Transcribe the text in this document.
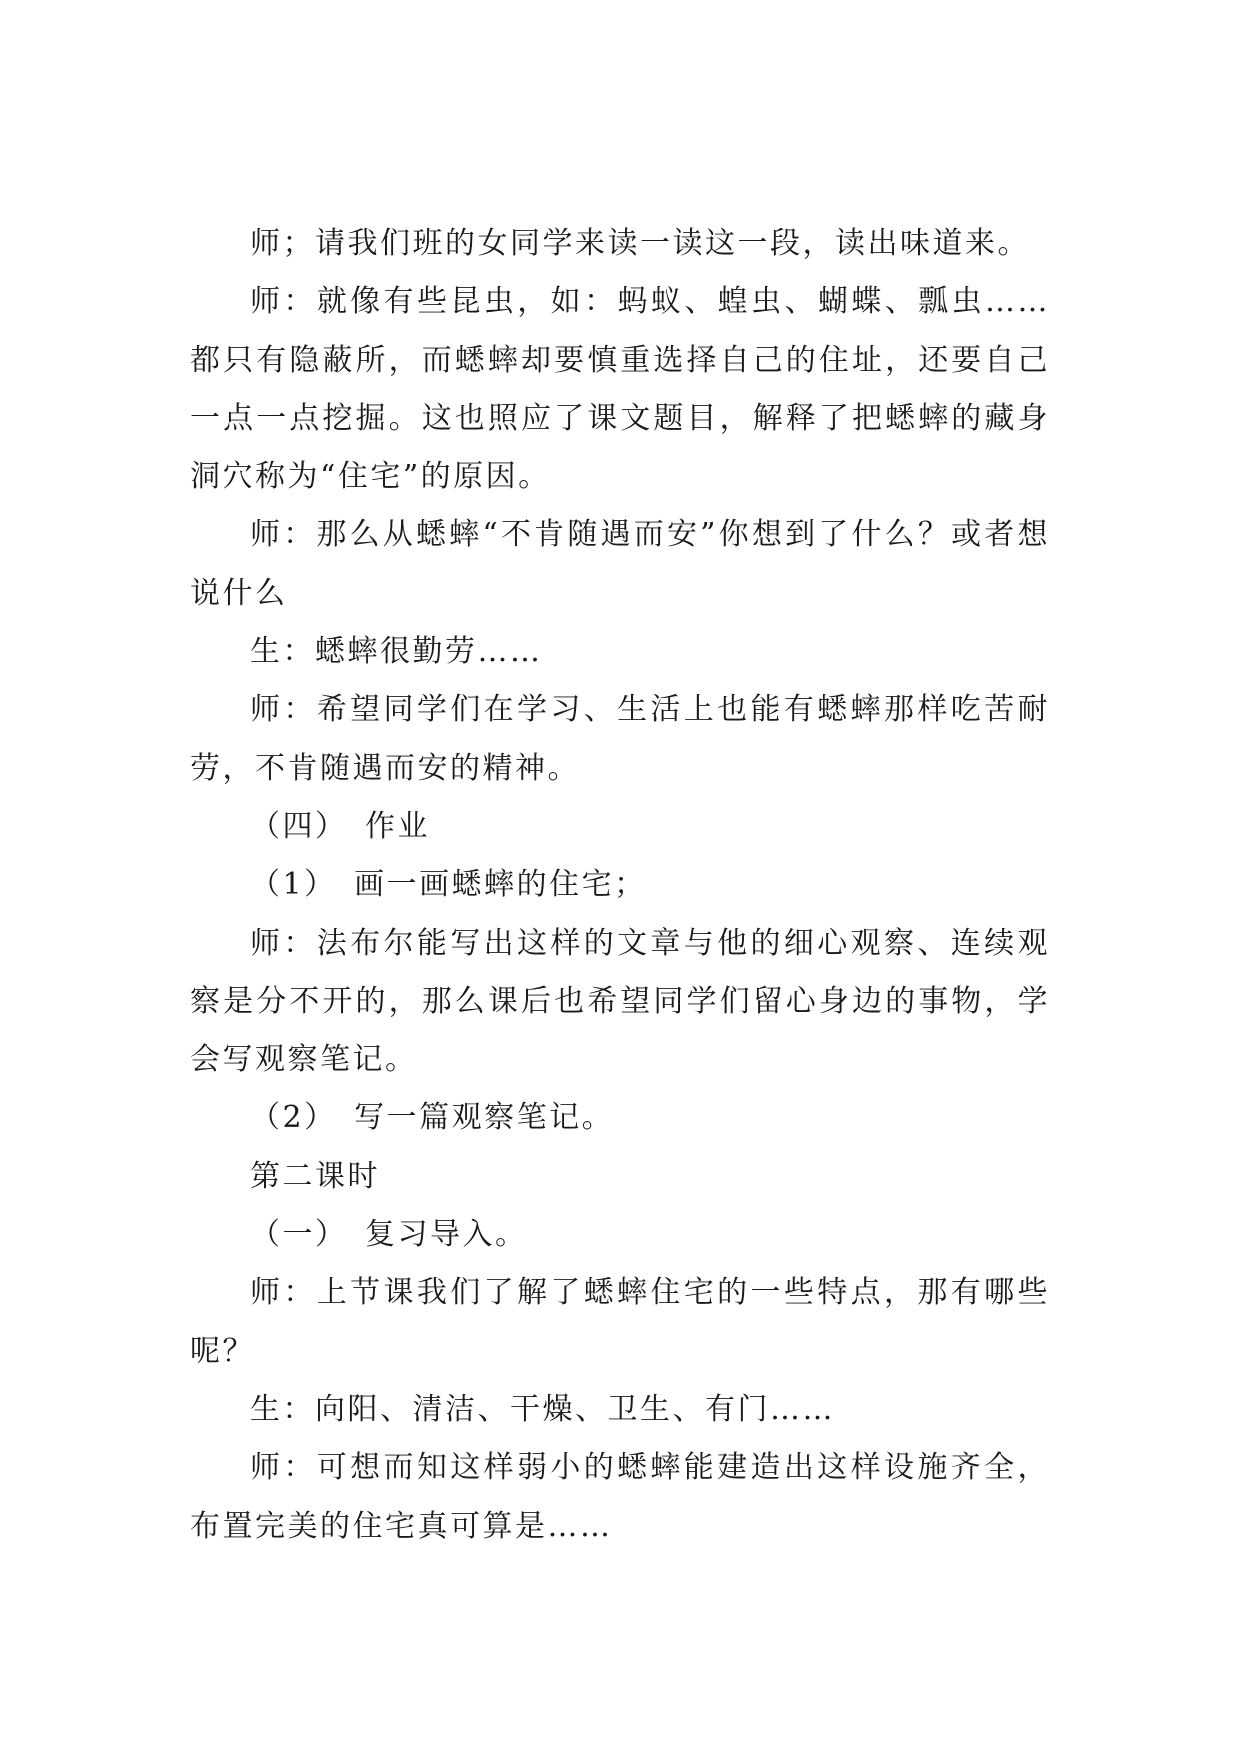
师；请我们班的女同学来读一读这一段，读出味道来。

师：就像有些昆虫，如：蚂蚁、蝗虫、蝴蝶、瓢虫……都只有隐蔽所，而蟋蟀却要慎重选择自己的住址，还要自己一点一点挖掘。这也照应了课文题目，解释了把蟋蟀的藏身洞穴称为“住宅”的原因。

师：那么从蟋蟀“不肯随遇而安”你想到了什么？或者想说什么

生：蟋蟀很勤劳……

师：希望同学们在学习、生活上也能有蟋蟀那样吃苦耐劳，不肯随遇而安的精神。

（四）　作业

（1）　画一画蟋蟀的住宅；

师：法布尔能写出这样的文章与他的细心观察、连续观察是分不开的，那么课后也希望同学们留心身边的事物，学会写观察笔记。

（2）　写一篇观察笔记。

第二课时

（一）　复习导入。

师：上节课我们了解了蟋蟀住宅的一些特点，那有哪些呢？

生：向阳、清洁、干燥、卫生、有门……

师：可想而知这样弱小的蟋蟀能建造出这样设施齐全，布置完美的住宅真可算是……
